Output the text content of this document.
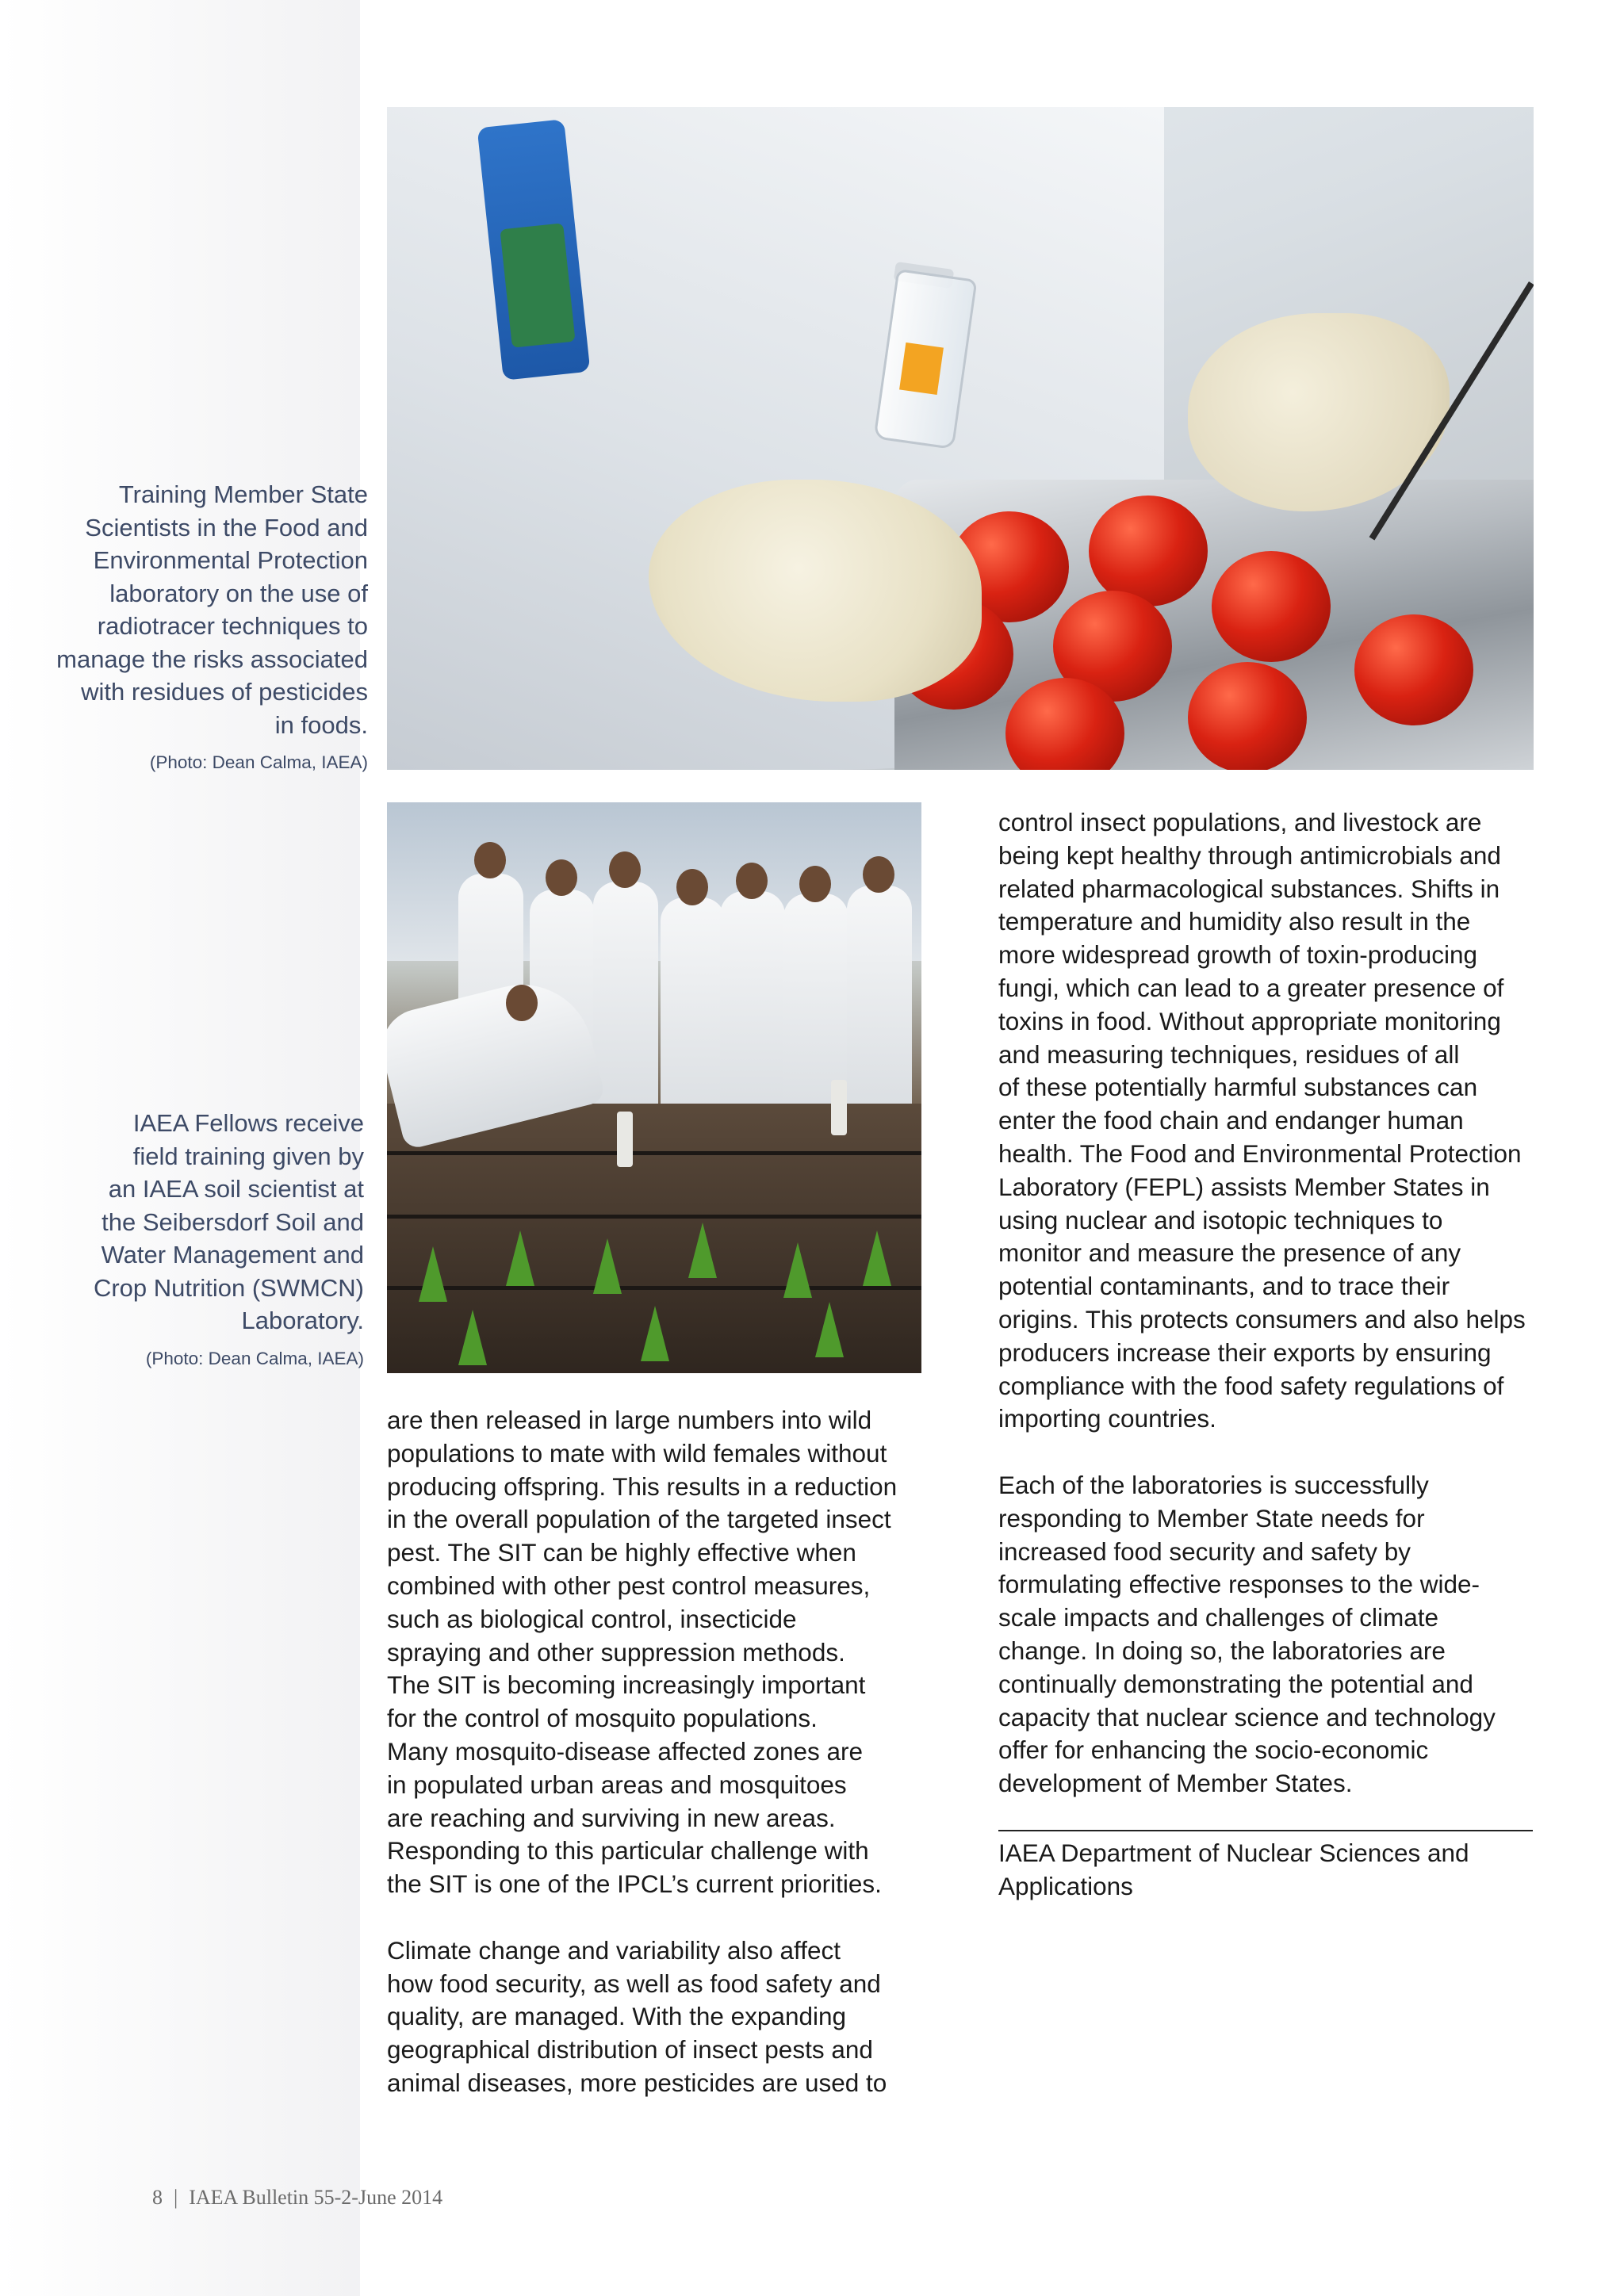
Training Member State
Scientists in the Food and
Environmental Protection
laboratory on the use of
radiotracer techniques to
manage the risks associated
with residues of pesticides
in foods.
(Photo: Dean Calma, IAEA)
IAEA Fellows receive
field training given by
an IAEA soil scientist at
the Seibersdorf Soil and
Water Management and
Crop Nutrition (SWMCN)
Laboratory.
(Photo: Dean Calma, IAEA)

are then released in large numbers into wild
populations to mate with wild females without
producing offspring. This results in a reduction
in the overall population of the targeted insect
pest. The SIT can be highly effective when
combined with other pest control measures,
such as biological control, insecticide
spraying and other suppression methods.
The SIT is becoming increasingly important
for the control of mosquito populations.
Many mosquito-disease affected zones are
in populated urban areas and mosquitoes
are reaching and surviving in new areas.
Responding to this particular challenge with
the SIT is one of the IPCL’s current priorities.

Climate change and variability also affect
how food security, as well as food safety and
quality, are managed. With the expanding
geographical distribution of insect pests and
animal diseases, more pesticides are used to

control insect populations, and livestock are
being kept healthy through antimicrobials and
related pharmacological substances. Shifts in
temperature and humidity also result in the
more widespread growth of toxin-producing
fungi, which can lead to a greater presence of
toxins in food. Without appropriate monitoring
and measuring techniques, residues of all
of these potentially harmful substances can
enter the food chain and endanger human
health. The Food and Environmental Protection
Laboratory (FEPL) assists Member States in
using nuclear and isotopic techniques to
monitor and measure the presence of any
potential contaminants, and to trace their
origins. This protects consumers and also helps
producers increase their exports by ensuring
compliance with the food safety regulations of
importing countries.

Each of the laboratories is successfully
responding to Member State needs for
increased food security and safety by
formulating effective responses to the wide-
scale impacts and challenges of climate
change. In doing so, the laboratories are
continually demonstrating the potential and
capacity that nuclear science and technology
offer for enhancing the socio-economic
development of Member States.

IAEA Department of Nuclear Sciences and
Applications
8 | IAEA Bulletin 55-2-June 2014
